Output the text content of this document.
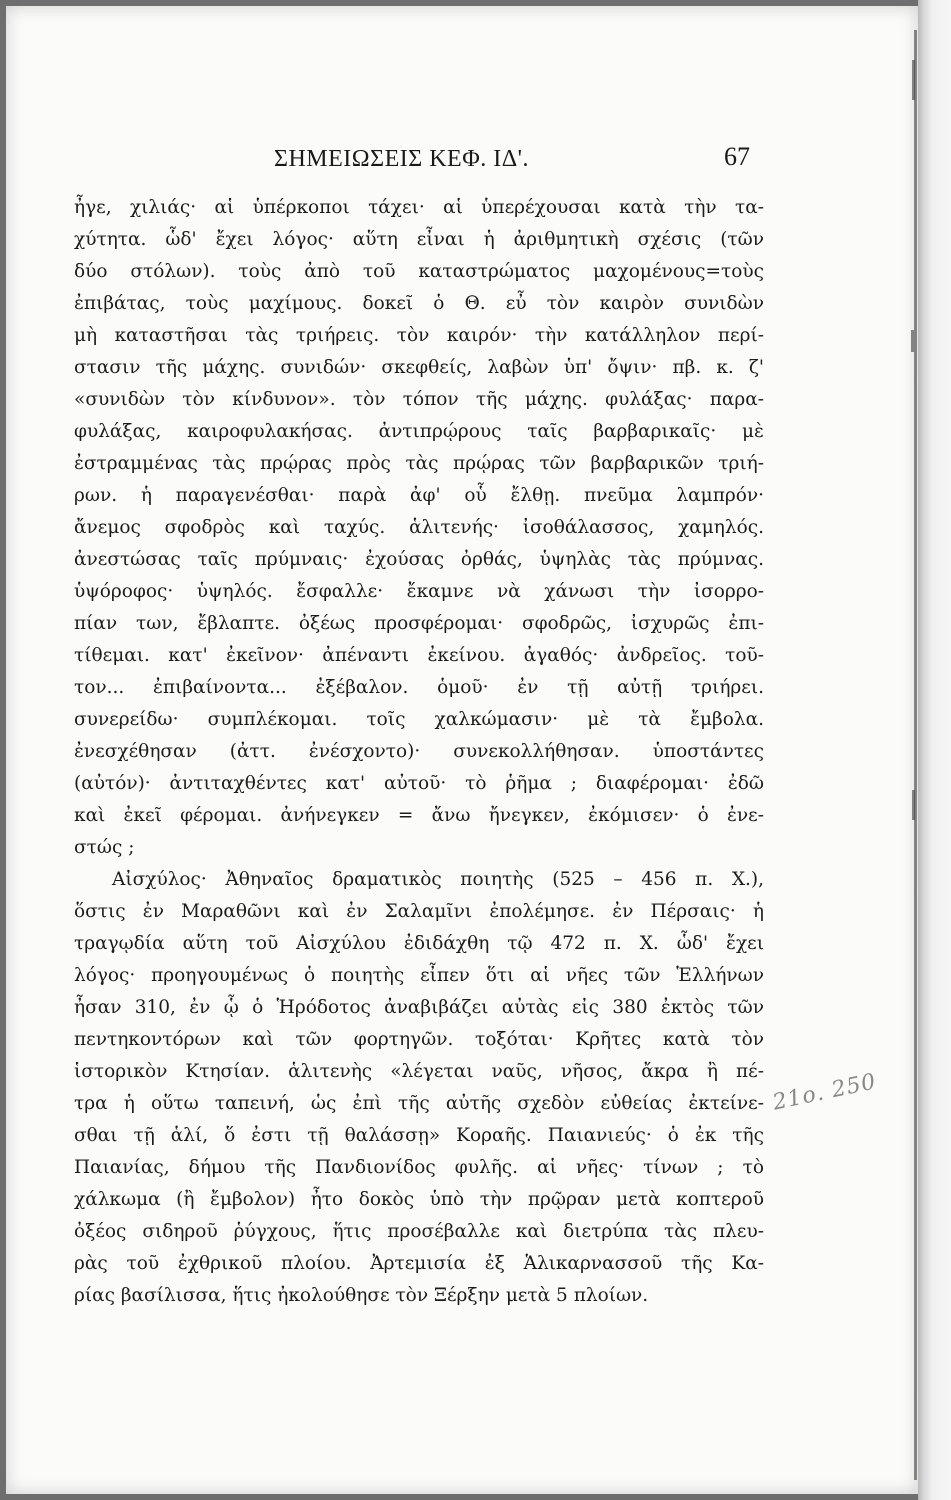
ΣΗΜΕΙΩΣΕΙΣ ΚΕΦ. ΙΔ'.	67
ἦγε, χιλιάς· αἱ ὑπέρκοποι τάχει· αἱ ὑπερέχουσαι κατὰ τὴν τα-
χύτητα. ὧδ' ἔχει λόγος· αὕτη εἶναι ἡ ἀριθμητικὴ σχέσις (τῶν
δύο στόλων). τοὺς ἀπὸ τοῦ καταστρώματος μαχομένους=τοὺς
ἐπιβάτας, τοὺς μαχίμους. δοκεῖ ὁ Θ. εὖ τὸν καιρὸν συνιδὼν
μὴ καταστῆσαι τὰς τριήρεις. τὸν καιρόν· τὴν κατάλληλον περί-
στασιν τῆς μάχης. συνιδών· σκεφθείς, λαβὼν ὑπ' ὄψιν· πβ. κ. ζ'
«συνιδὼν τὸν κίνδυνον». τὸν τόπον τῆς μάχης. φυλάξας· παρα-
φυλάξας, καιροφυλακήσας. ἀντιπρῴρους ταῖς βαρβαρικαῖς· μὲ
ἐστραμμένας τὰς πρῴρας πρὸς τὰς πρῴρας τῶν βαρβαρικῶν τριή-
ρων. ἡ παραγενέσθαι· παρὰ ἀφ' οὗ ἔλθῃ. πνεῦμα λαμπρόν·
ἄνεμος σφοδρὸς καὶ ταχύς. ἁλιτενής· ἰσοθάλασσος, χαμηλός.
ἀνεστώσας ταῖς πρύμναις· ἐχούσας ὀρθάς, ὑψηλὰς τὰς πρύμνας.
ὑψόροφος· ὑψηλός. ἔσφαλλε· ἔκαμνε νὰ χάνωσι τὴν ἰσορρο-
πίαν των, ἔβλαπτε. ὀξέως προσφέρομαι· σφοδρῶς, ἰσχυρῶς ἐπι-
τίθεμαι. κατ' ἐκεῖνον· ἀπέναντι ἐκείνου. ἀγαθός· ἀνδρεῖος. τοῦ-
τον... ἐπιβαίνοντα... ἐξέβαλον. ὁμοῦ· ἐν τῇ αὐτῇ τριήρει.
συνερείδω· συμπλέκομαι. τοῖς χαλκώμασιν· μὲ τὰ ἔμβολα.
ἐνεσχέθησαν (ἀττ. ἐνέσχοντο)· συνεκολλήθησαν. ὑποστάντες
(αὐτόν)· ἀντιταχθέντες κατ' αὐτοῦ· τὸ ῥῆμα ; διαφέρομαι· ἐδῶ
καὶ ἐκεῖ φέρομαι. ἀνήνεγκεν = ἄνω ἤνεγκεν, ἐκόμισεν· ὁ ἐνε-
στώς ;
Αἰσχύλος· Ἀθηναῖος δραματικὸς ποιητὴς (525 – 456 π. Χ.),
ὅστις ἐν Μαραθῶνι καὶ ἐν Σαλαμῖνι ἐπολέμησε. ἐν Πέρσαις· ἡ
τραγῳδία αὕτη τοῦ Αἰσχύλου ἐδιδάχθη τῷ 472 π. Χ. ὧδ' ἔχει
λόγος· προηγουμένως ὁ ποιητὴς εἶπεν ὅτι αἱ νῆες τῶν Ἑλλήνων
ἦσαν 310, ἐν ᾧ ὁ Ἡρόδοτος ἀναβιβάζει αὐτὰς εἰς 380 ἐκτὸς τῶν
πεντηκοντόρων καὶ τῶν φορτηγῶν. τοξόται· Κρῆτες κατὰ τὸν
ἱστορικὸν Κτησίαν. ἁλιτενὴς «λέγεται ναῦς, νῆσος, ἄκρα ἢ πέ-
τρα ἡ οὕτω ταπεινή, ὡς ἐπὶ τῆς αὐτῆς σχεδὸν εὐθείας ἐκτείνε-
σθαι τῇ ἁλί, ὅ ἐστι τῇ θαλάσσῃ» Κοραῆς. Παιανιεύς· ὁ ἐκ τῆς
Παιανίας, δήμου τῆς Πανδιονίδος φυλῆς. αἱ νῆες· τίνων ; τὸ
χάλκωμα (ἢ ἔμβολον) ἦτο δοκὸς ὑπὸ τὴν πρῷραν μετὰ κοπτεροῦ
ὀξέος σιδηροῦ ῥύγχους, ἥτις προσέβαλλε καὶ διετρύπα τὰς πλευ-
ρὰς τοῦ ἐχθρικοῦ πλοίου. Ἀρτεμισία ἐξ Ἁλικαρνασσοῦ τῆς Κα-
ρίας βασίλισσα, ἥτις ἠκολούθησε τὸν Ξέρξην μετὰ 5 πλοίων.
21ο. 250
